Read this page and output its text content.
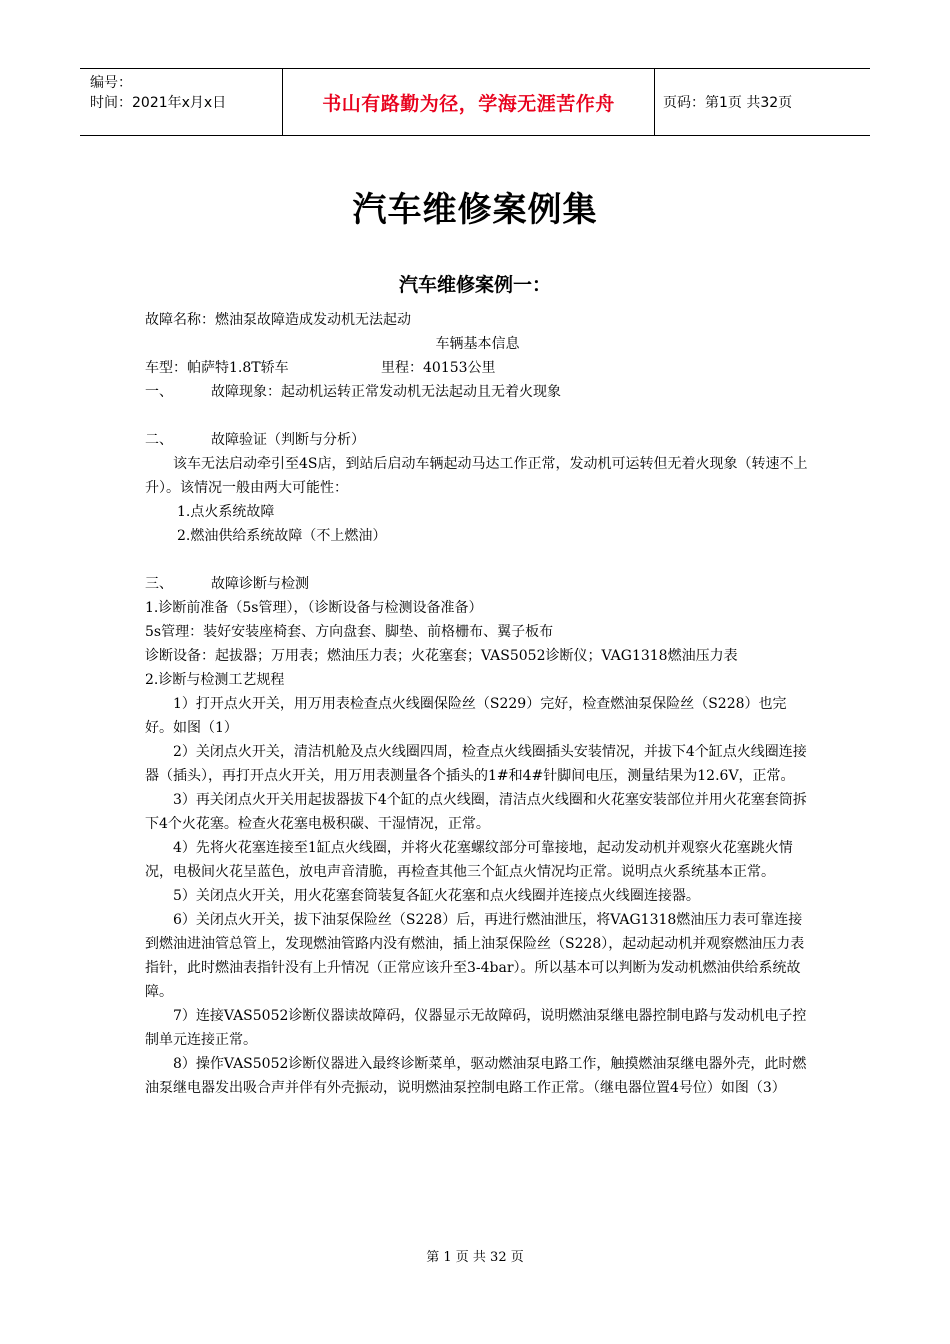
编号：
时间：2021年x月x日	书山有路勤为径，学海无涯苦作舟	页码：第1页 共32页
汽车维修案例集
汽车维修案例一：

故障名称：燃油泵故障造成发动机无法起动

车辆基本信息

车型：帕萨特1.8T轿车	里程：40153公里
一、	故障现象：起动机运转正常发动机无法起动且无着火现象
二、	故障验证（判断与分析）

该车无法启动牵引至4S店，到站后启动车辆起动马达工作正常，发动机可运转但无着火现象（转速不上升）。该情况一般由两大可能性：

1.点火系统故障

2.燃油供给系统故障（不上燃油）

三、	故障诊断与检测

1.诊断前准备（5s管理），（诊断设备与检测设备准备）

5s管理：装好安装座椅套、方向盘套、脚垫、前格栅布、翼子板布

诊断设备：起拔器；万用表；燃油压力表；火花塞套；VAS5052诊断仪；VAG1318燃油压力表

2.诊断与检测工艺规程

1）打开点火开关，用万用表检查点火线圈保险丝（S229）完好，检查燃油泵保险丝（S228）也完好。如图（1）

2）关闭点火开关，清洁机舱及点火线圈四周，检查点火线圈插头安装情况，并拔下4个缸点火线圈连接器（插头），再打开点火开关，用万用表测量各个插头的1#和4#针脚间电压，测量结果为12.6V，正常。

3）再关闭点火开关用起拔器拔下4个缸的点火线圈，清洁点火线圈和火花塞安装部位并用火花塞套筒拆下4个火花塞。检查火花塞电极积碳、干湿情况，正常。

4）先将火花塞连接至1缸点火线圈，并将火花塞螺纹部分可靠接地，起动发动机并观察火花塞跳火情况，电极间火花呈蓝色，放电声音清脆，再检查其他三个缸点火情况均正常。说明点火系统基本正常。

5）关闭点火开关，用火花塞套筒装复各缸火花塞和点火线圈并连接点火线圈连接器。

6）关闭点火开关，拔下油泵保险丝（S228）后，再进行燃油泄压，将VAG1318燃油压力表可靠连接到燃油进油管总管上，发现燃油管路内没有燃油，插上油泵保险丝（S228），起动起动机并观察燃油压力表指针，此时燃油表指针没有上升情况（正常应该升至3-4bar）。所以基本可以判断为发动机燃油供给系统故障。

7）连接VAS5052诊断仪器读故障码，仪器显示无故障码，说明燃油泵继电器控制电路与发动机电子控制单元连接正常。

8）操作VAS5052诊断仪器进入最终诊断菜单，驱动燃油泵电路工作，触摸燃油泵继电器外壳，此时燃油泵继电器发出吸合声并伴有外壳振动，说明燃油泵控制电路工作正常。（继电器位置4号位）如图（3）

第 1 页 共 32 页
